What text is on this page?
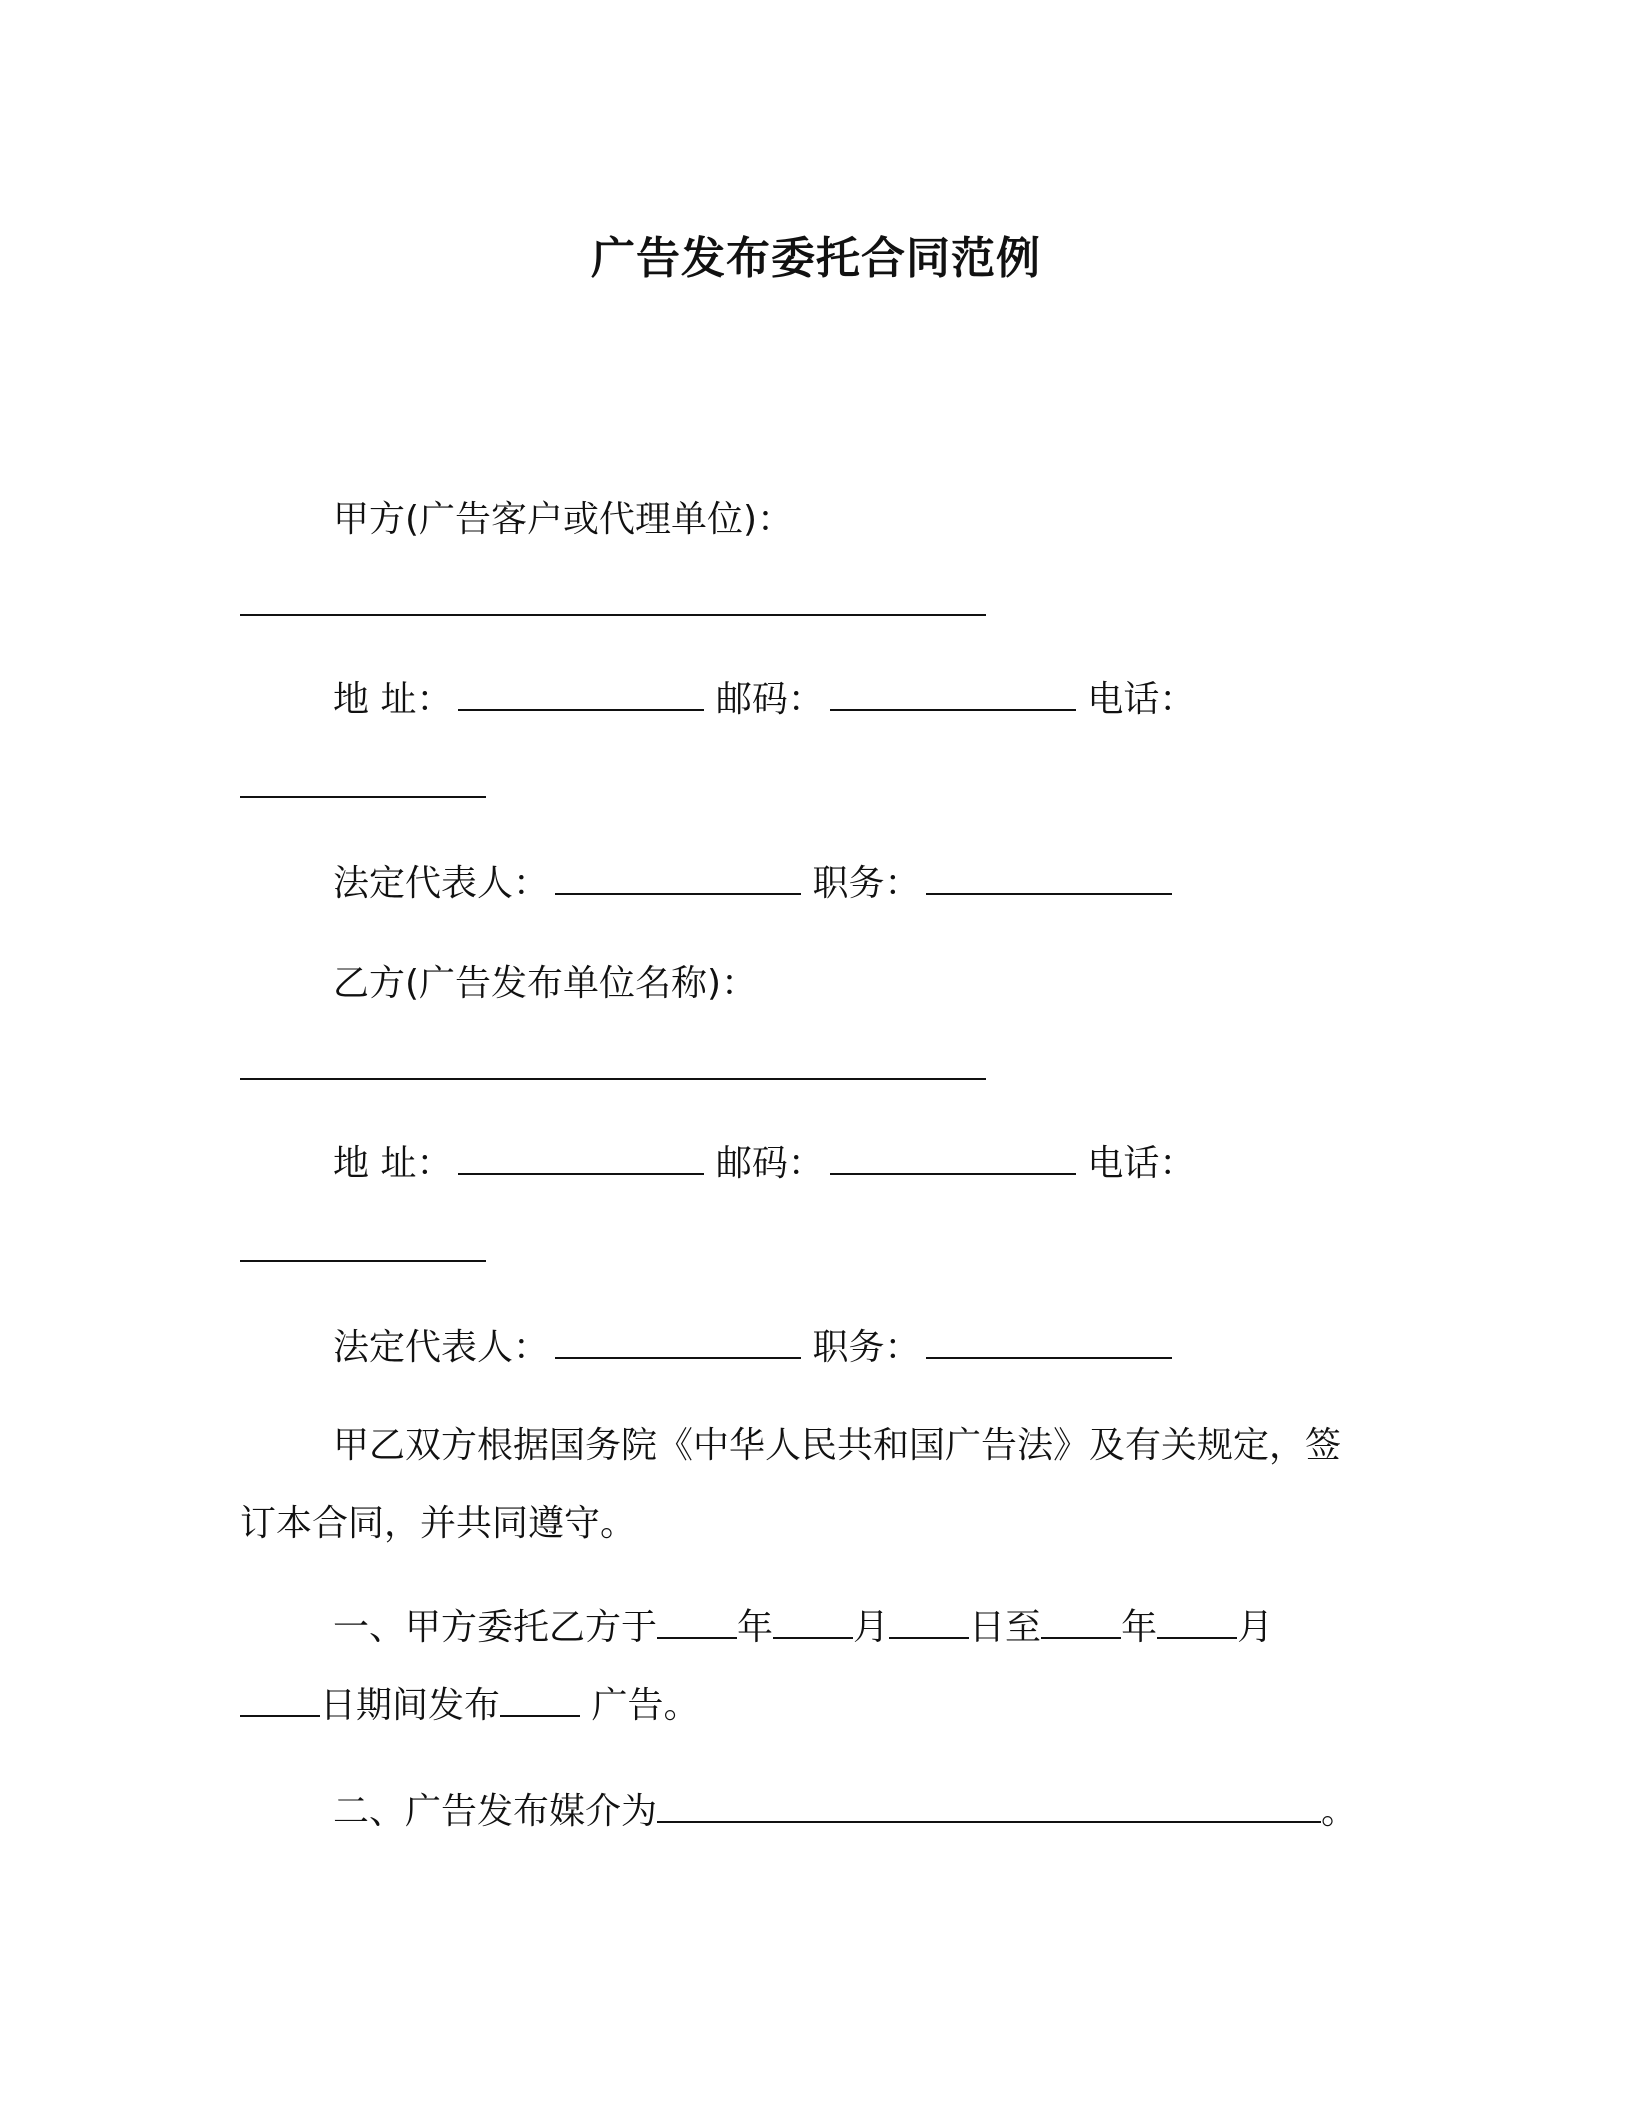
广告发布委托合同范例
甲方(广告客户或代理单位)：
地 址：	邮码：	电话：
法定代表人：	职务：
乙方(广告发布单位名称)：
地 址：	邮码：	电话：
法定代表人：	职务：
甲乙双方根据国务院《中华人民共和国广告法》及有关规定，签
订本合同，并共同遵守。
一、甲方委托乙方于 年 月 日至 年 月
日期间发布 广告。
二、广告发布媒介为	。
